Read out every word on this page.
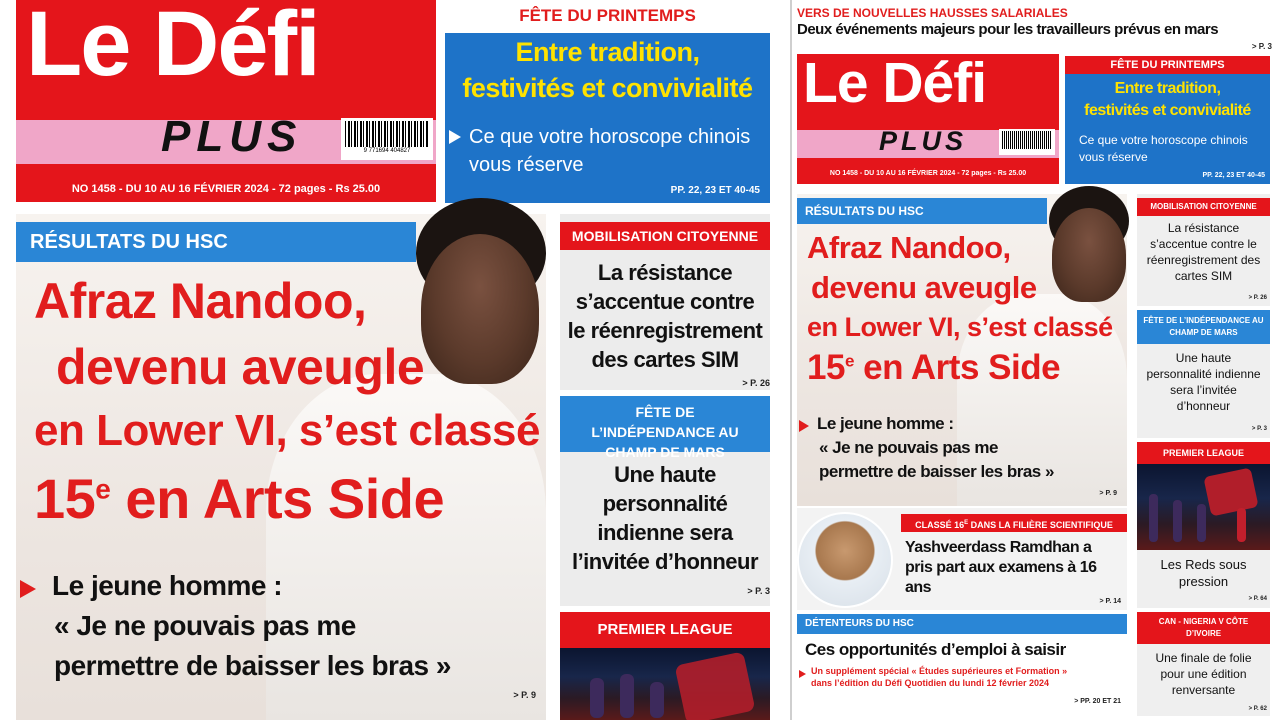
Le Défi
PLUS	9 771694 404827
NO 1458 - DU 10 AU 16 FÉVRIER 2024 - 72 pages - Rs 25.00
FÊTE DU PRINTEMPS
Entre tradition,
festivités et convivialité
Ce que votre horoscope chinois vous réserve
PP. 22, 23 ET 40-45
RÉSULTATS DU HSC
Afraz Nandoo,
devenu aveugle
en Lower VI, s’est classé
15e en Arts Side
Le jeune homme :
« Je ne pouvais pas me
permettre de baisser les bras »
> P. 9
MOBILISATION CITOYENNE
La résistance s’accentue contre le réenregistrement des cartes SIM
> P. 26
FÊTE DE L’INDÉPENDANCE AU CHAMP DE MARS
Une haute personnalité indienne sera l’invitée d’honneur
> P. 3
PREMIER LEAGUE
VERS DE NOUVELLES HAUSSES SALARIALES
Deux événements majeurs pour les travailleurs prévus en mars
> P. 3
Le Défi
PLUS
NO 1458 - DU 10 AU 16 FÉVRIER 2024 - 72 pages - Rs 25.00
FÊTE DU PRINTEMPS
Entre tradition,
festivités et convivialité
Ce que votre horoscope chinois vous réserve
PP. 22, 23 ET 40-45
RÉSULTATS DU HSC
Afraz Nandoo,
devenu aveugle
en Lower VI, s’est classé
15e en Arts Side
Le jeune homme :
« Je ne pouvais pas me
permettre de baisser les bras »
> P. 9
CLASSÉ $16^E$ DANS LA FILIÈRE SCIENTIFIQUE
Yashveerdass Ramdhan a pris part aux examens à 16 ans
> P. 14
DÉTENTEURS DU HSC
Ces opportunités d’emploi à saisir
Un supplément spécial « Études supérieures et Formation »
dans l’édition du Défi Quotidien du lundi 12 février 2024
> PP. 20 ET 21
MOBILISATION CITOYENNE
La résistance s’accentue contre le réenregistrement des cartes SIM
> P. 26
FÊTE DE L’INDÉPENDANCE AU CHAMP DE MARS
Une haute personnalité indienne sera l’invitée d’honneur
> P. 3
PREMIER LEAGUE
Les Reds sous pression
> P. 64
CAN - NIGERIA V CÔTE D’IVOIRE
Une finale de folie pour une édition renversante
> P. 62
